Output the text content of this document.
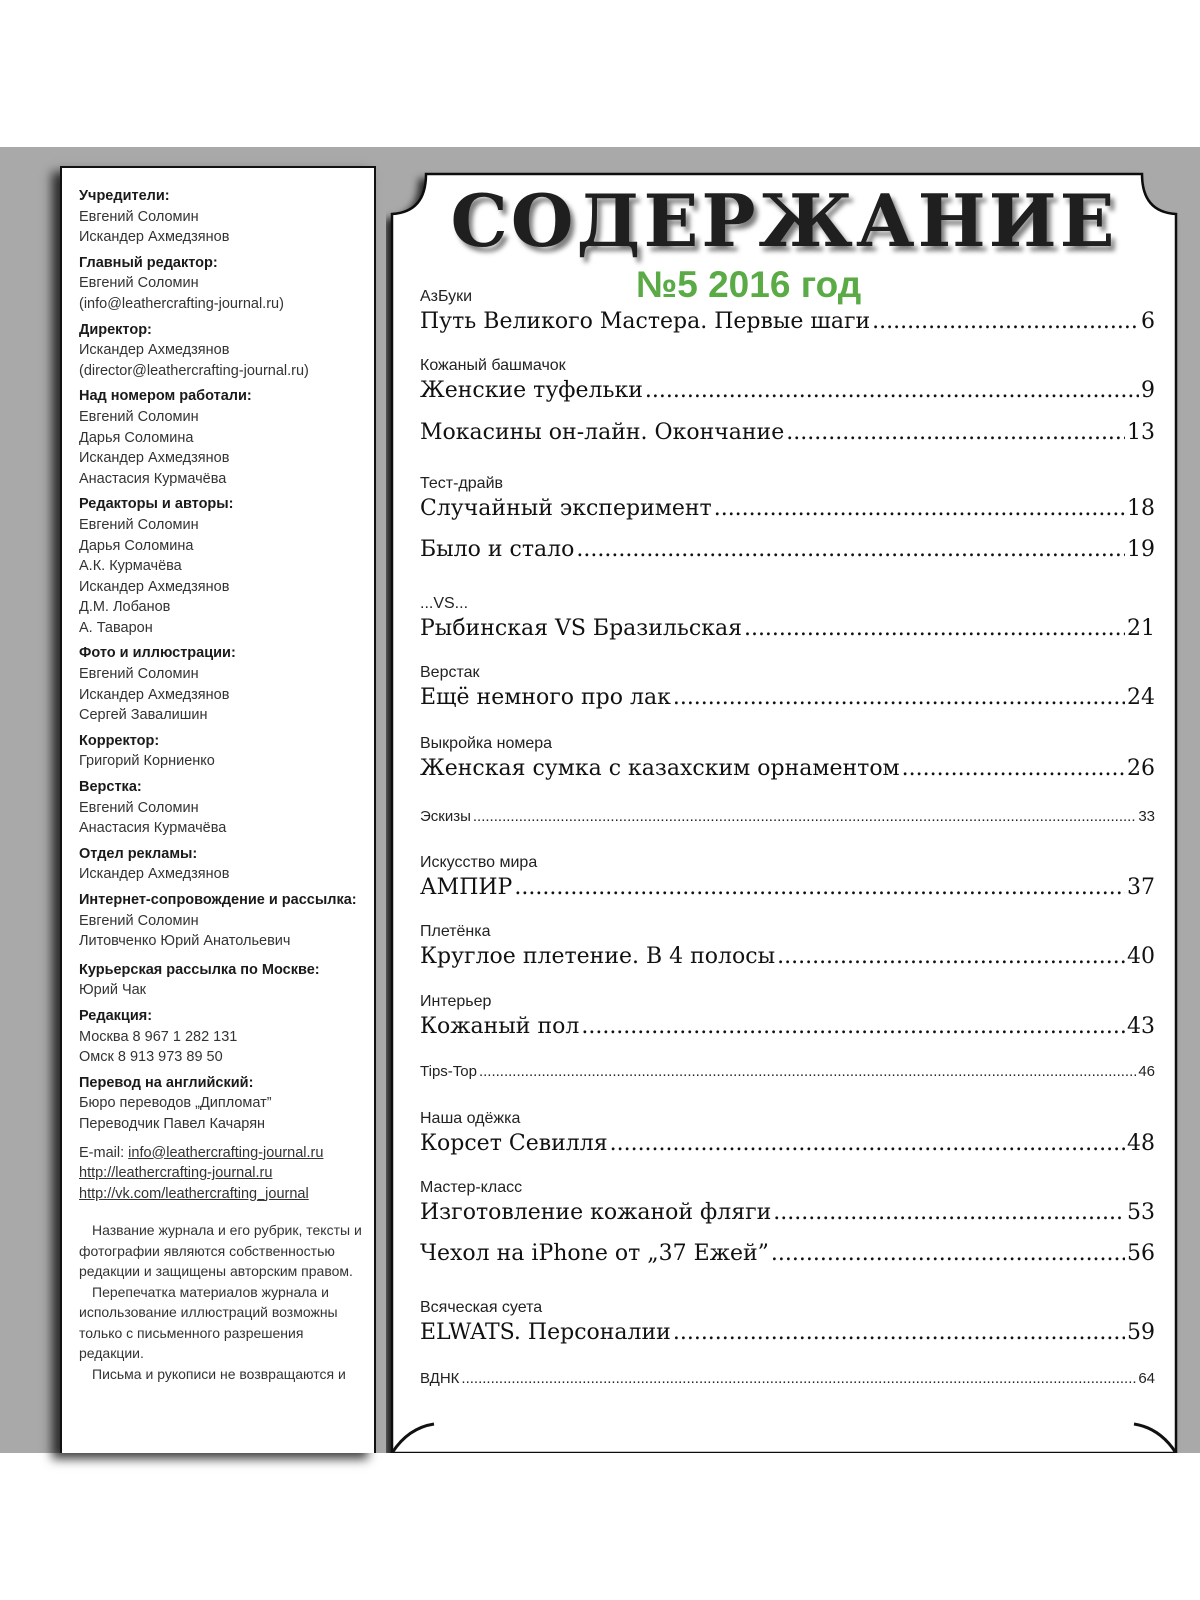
Учредители:
Евгений Соломин
Искандер Ахмедзянов
Главный редактор:
Евгений Соломин
(info@leathercrafting-journal.ru)
Директор:
Искандер Ахмедзянов
(director@leathercrafting-journal.ru)
Над номером работали:
Евгений Соломин
Дарья Соломина
Искандер Ахмедзянов
Анастасия Курмачёва
Редакторы и авторы:
Евгений Соломин
Дарья Соломина
А.К. Курмачёва
Искандер Ахмедзянов
Д.М. Лобанов
А. Таварон
Фото и иллюстрации:
Евгений Соломин
Искандер Ахмедзянов
Сергей Завалишин
Корректор:
Григорий Корниенко
Верстка:
Евгений Соломин
Анастасия Курмачёва
Отдел рекламы:
Искандер Ахмедзянов
Интернет-сопровождение и рассылка:
Евгений Соломин
Литовченко Юрий Анатольевич
Курьерская рассылка по Москве:
Юрий Чак
Редакция:
Москва 8 967 1 282 131
Омск 8 913 973 89 50
Перевод на английский:
Бюро переводов „Дипломат”
Переводчик Павел Качарян
E-mail: info@leathercrafting-journal.ru
http://leathercrafting-journal.ru
http://vk.com/leathercrafting_journal

Название журнала и его рубрик, тексты и фотографии являются собственностью редакции и защищены авторским правом.

Перепечатка материалов журнала и использование иллюстраций возможны только с письменного разрешения редакции.

Письма и рукописи не возвращаются и

СОДЕРЖАНИЕ
№5 2016 год
АзБуки
Путь Великого Мастера. Первые шаги .....	6
Кожаный башмачок
Женские туфельки .....	9
Мокасины он-лайн. Окончание .....	13
Тест-драйв
Случайный эксперимент .....	18
Было и стало .....	19
...VS...
Рыбинская VS Бразильская .....	21
Верстак
Ещё немного про лак .....	24
Выкройка номера
Женская сумка с казахским орнаментом .....	26
Эскизы .....	33
Искусство мира
АМПИР .....	37
Плетёнка
Круглое плетение. В 4 полосы .....	40
Интерьер
Кожаный пол .....	43
Tips-Top .....	46
Наша одёжка
Корсет Севилля .....	48
Мастер-класс
Изготовление кожаной фляги .....	53
Чехол на iPhone от „37 Ежей” .....	56
Всяческая суета
ELWATS. Персоналии .....	59
ВДНК .....	64
